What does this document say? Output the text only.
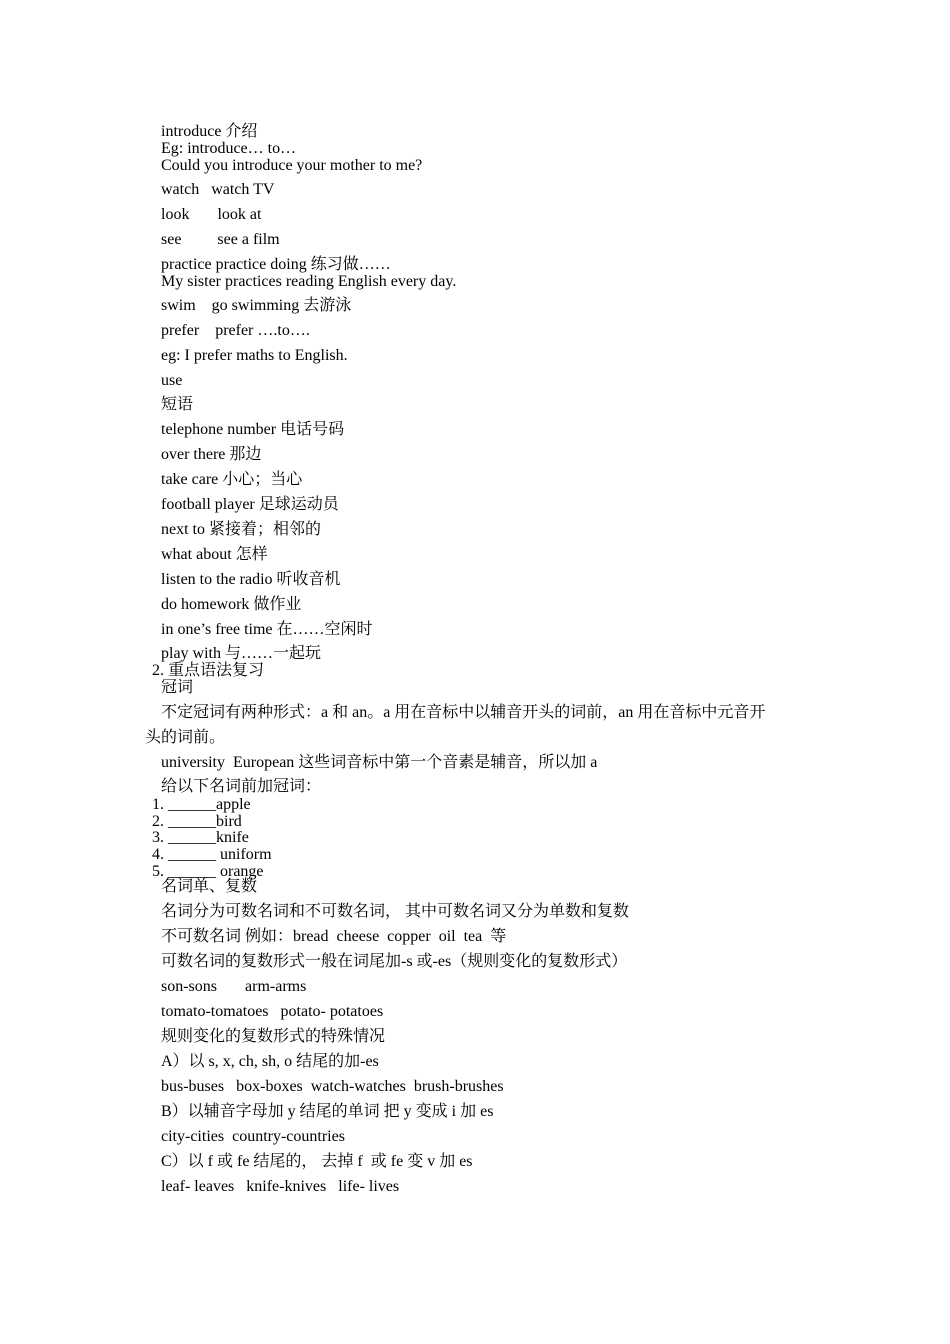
introduce 介绍
Eg: introduce… to…
Could you introduce your mother to me?
watch   watch TV
look       look at
see         see a film
practice practice doing 练习做……
My sister practices reading English every day.
swim    go swimming 去游泳
prefer    prefer ….to….
eg: I prefer maths to English.
use
短语
telephone number 电话号码
over there 那边
take care 小心；当心
football player 足球运动员
next to 紧接着；相邻的
what about 怎样
listen to the radio 听收音机
do homework 做作业
in one’s free time 在……空闲时
play with 与……一起玩
2. 重点语法复习
冠词
不定冠词有两种形式：a 和 an。a 用在音标中以辅音开头的词前，an 用在音标中元音开
头的词前。
university  European 这些词音标中第一个音素是辅音，所以加 a
给以下名词前加冠词：
1. ______apple
2. ______bird
3. ______knife
4. ______ uniform
5. ______ orange
名词单、复数
名词分为可数名词和不可数名词， 其中可数名词又分为单数和复数
不可数名词 例如：bread  cheese  copper  oil  tea  等
可数名词的复数形式一般在词尾加-s 或-es（规则变化的复数形式）
son-sons       arm-arms
tomato-tomatoes   potato- potatoes
规则变化的复数形式的特殊情况
A）以 s, x, ch, sh, o 结尾的加-es
bus-buses   box-boxes  watch-watches  brush-brushes
B）以辅音字母加 y 结尾的单词 把 y 变成 i 加 es
city-cities  country-countries
C）以 f 或 fe 结尾的， 去掉 f  或 fe 变 v 加 es
leaf- leaves   knife-knives   life- lives
